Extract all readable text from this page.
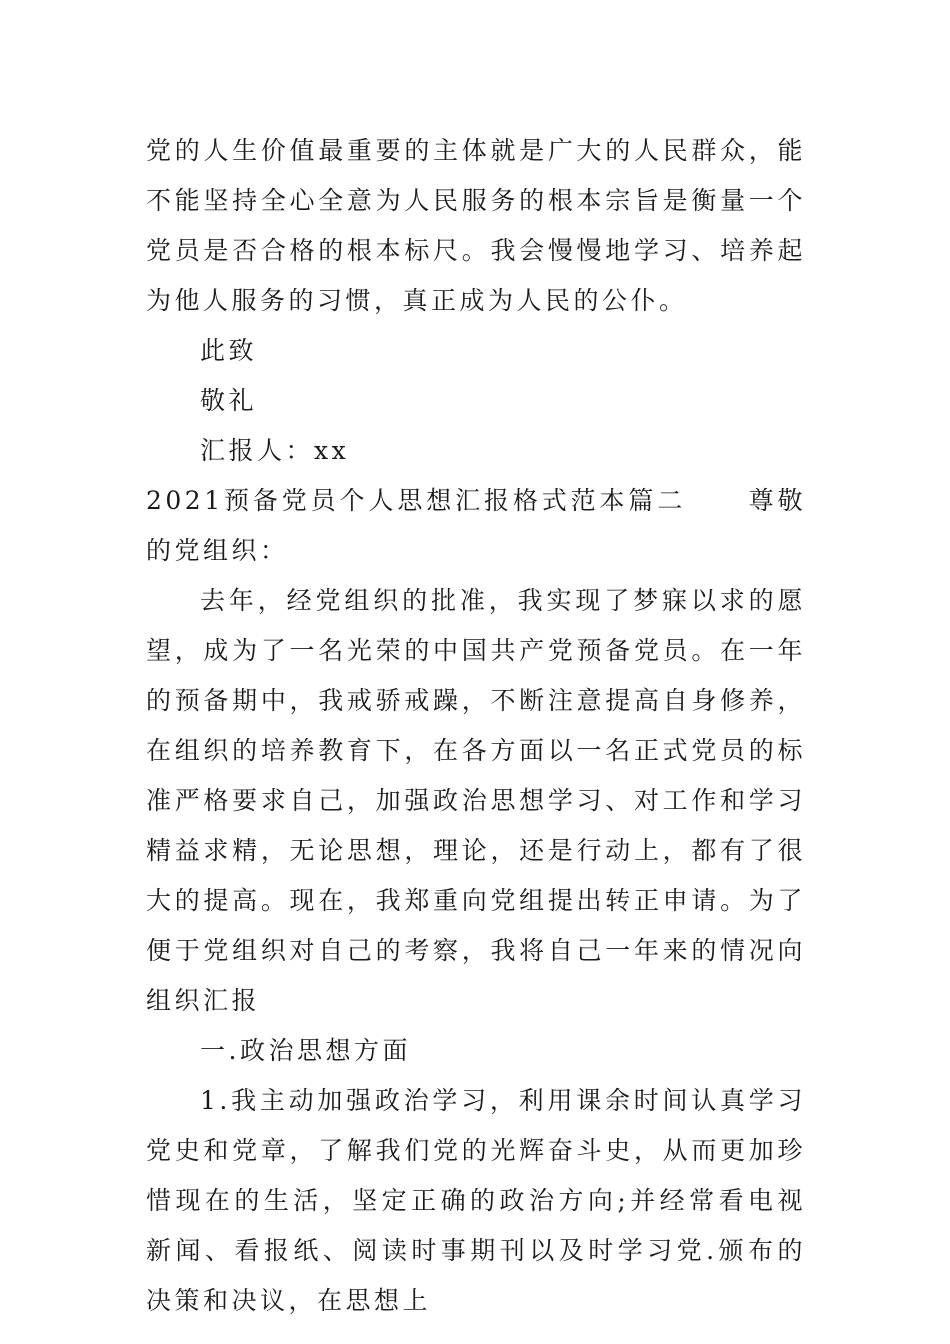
党的人生价值最重要的主体就是广大的人民群众，能不能坚持全心全意为人民服务的根本宗旨是衡量一个党员是否合格的根本标尺。我会慢慢地学习、培养起为他人服务的习惯，真正成为人民的公仆。

此致

敬礼

汇报人：xx

2021预备党员个人思想汇报格式范本篇二 尊敬的党组织：

去年，经党组织的批准，我实现了梦寐以求的愿望，成为了一名光荣的中国共产党预备党员。在一年的预备期中，我戒骄戒躁，不断注意提高自身修养，在组织的培养教育下，在各方面以一名正式党员的标准严格要求自己，加强政治思想学习、对工作和学习精益求精，无论思想，理论，还是行动上，都有了很大的提高。现在，我郑重向党组提出转正申请。为了便于党组织对自己的考察，我将自己一年来的情况向组织汇报

一.政治思想方面

1.我主动加强政治学习，利用课余时间认真学习党史和党章，了解我们党的光辉奋斗史，从而更加珍惜现在的生活，坚定正确的政治方向;并经常看电视新闻、看报纸、阅读时事期刊以及时学习党.颁布的决策和决议，在思想上
